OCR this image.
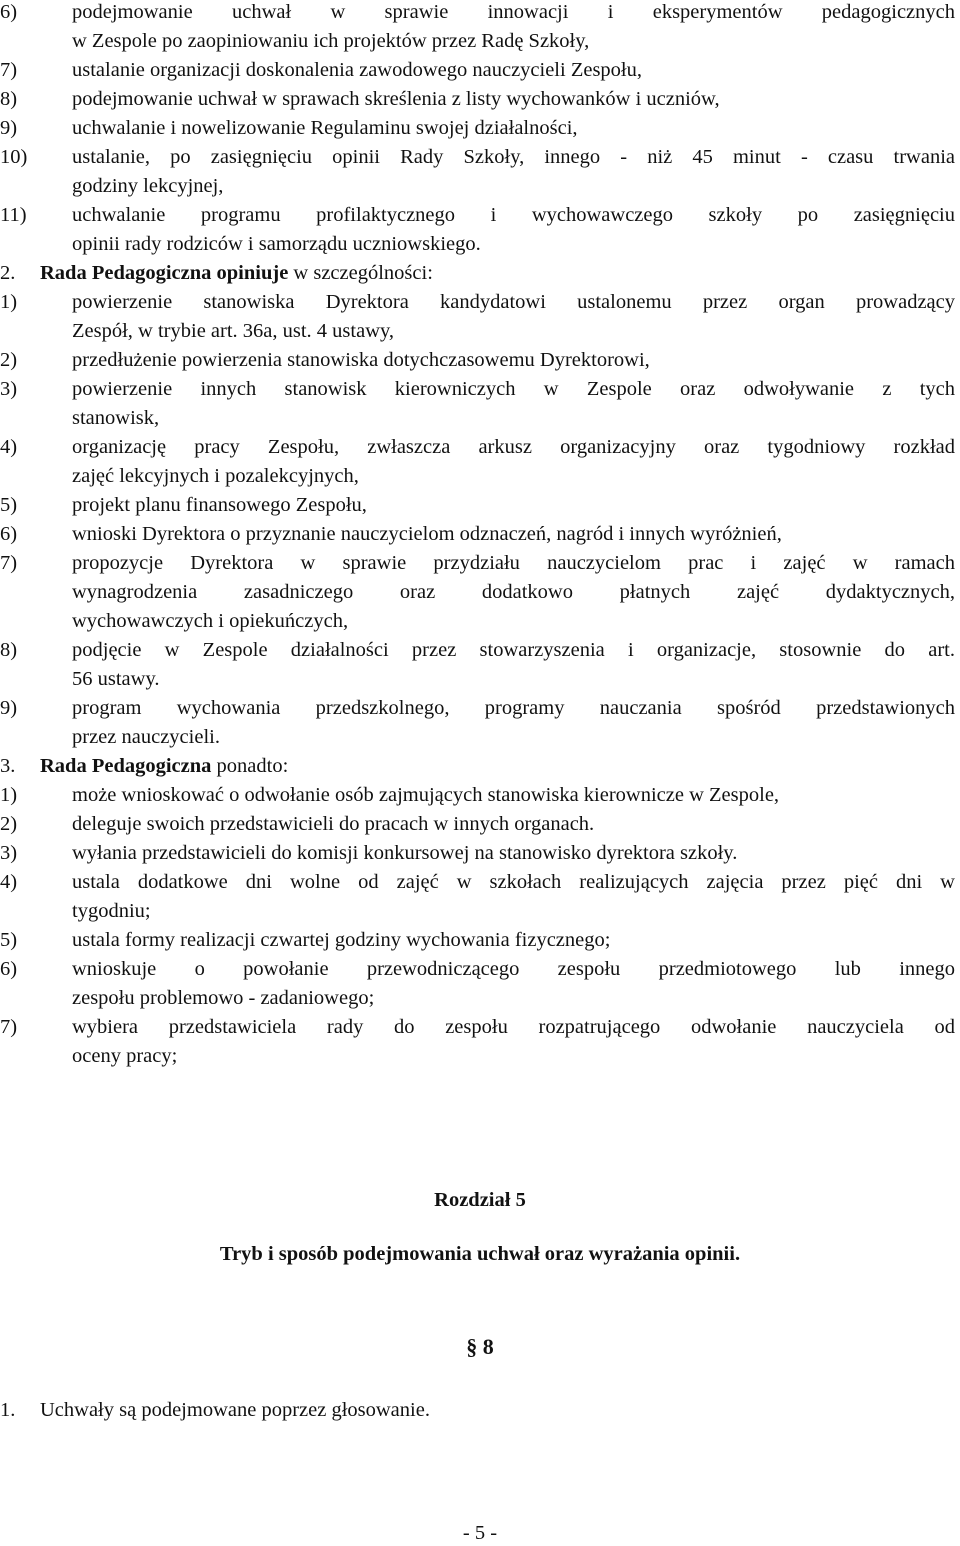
6)	podejmowanie uchwał w sprawie innowacji i eksperymentów pedagogicznych
w Zespole po zaopiniowaniu ich projektów przez Radę Szkoły,
7)	ustalanie organizacji doskonalenia zawodowego nauczycieli Zespołu,
8)	podejmowanie uchwał w sprawach skreślenia z listy wychowanków i uczniów,
9)	uchwalanie i nowelizowanie Regulaminu swojej działalności,
10) ustalanie, po zasięgnięciu opinii Rady Szkoły, innego - niż 45 minut - czasu trwania
godziny lekcyjnej,
11) uchwalanie programu profilaktycznego i wychowawczego szkoły po zasięgnięciu
opinii rady rodziców i samorządu uczniowskiego.
2. Rada Pedagogiczna opiniuje w szczególności:
1)	powierzenie stanowiska Dyrektora kandydatowi ustalonemu przez organ prowadzący
Zespół, w trybie art. 36a, ust. 4 ustawy,
2)	przedłużenie powierzenia stanowiska dotychczasowemu Dyrektorowi,
3)	powierzenie innych stanowisk kierowniczych w Zespole oraz odwoływanie z tych
stanowisk,
4)	organizację pracy Zespołu, zwłaszcza arkusz organizacyjny oraz tygodniowy rozkład
zajęć lekcyjnych i pozalekcyjnych,
5)	projekt planu finansowego Zespołu,
6)	wnioski Dyrektora o przyznanie nauczycielom odznaczeń, nagród i innych wyróżnień,
7)	propozycje Dyrektora w sprawie przydziału nauczycielom prac i zajęć w ramach
wynagrodzenia zasadniczego oraz dodatkowo płatnych zajęć dydaktycznych,
wychowawczych i opiekuńczych,
8)	podjęcie w Zespole działalności przez stowarzyszenia i organizacje, stosownie do art.
56 ustawy.
9)	program wychowania przedszkolnego, programy nauczania spośród przedstawionych
przez nauczycieli.
3. Rada Pedagogiczna ponadto:
1)	może wnioskować o odwołanie osób zajmujących stanowiska kierownicze w Zespole,
2)	deleguje swoich przedstawicieli do pracach w innych organach.
3)	wyłania przedstawicieli do komisji konkursowej na stanowisko dyrektora szkoły.
4)	ustala dodatkowe dni wolne od zajęć w szkołach realizujących zajęcia przez pięć dni w
tygodniu;
5)	ustala formy realizacji czwartej godziny wychowania fizycznego;
6)	wnioskuje o powołanie przewodniczącego zespołu przedmiotowego lub innego
zespołu problemowo - zadaniowego;
7)	wybiera przedstawiciela rady do zespołu rozpatrującego odwołanie nauczyciela od
oceny pracy;
Rozdział 5
Tryb i sposób podejmowania uchwał oraz wyrażania opinii.
§ 8
1. Uchwały są podejmowane poprzez głosowanie.
- 5 -
